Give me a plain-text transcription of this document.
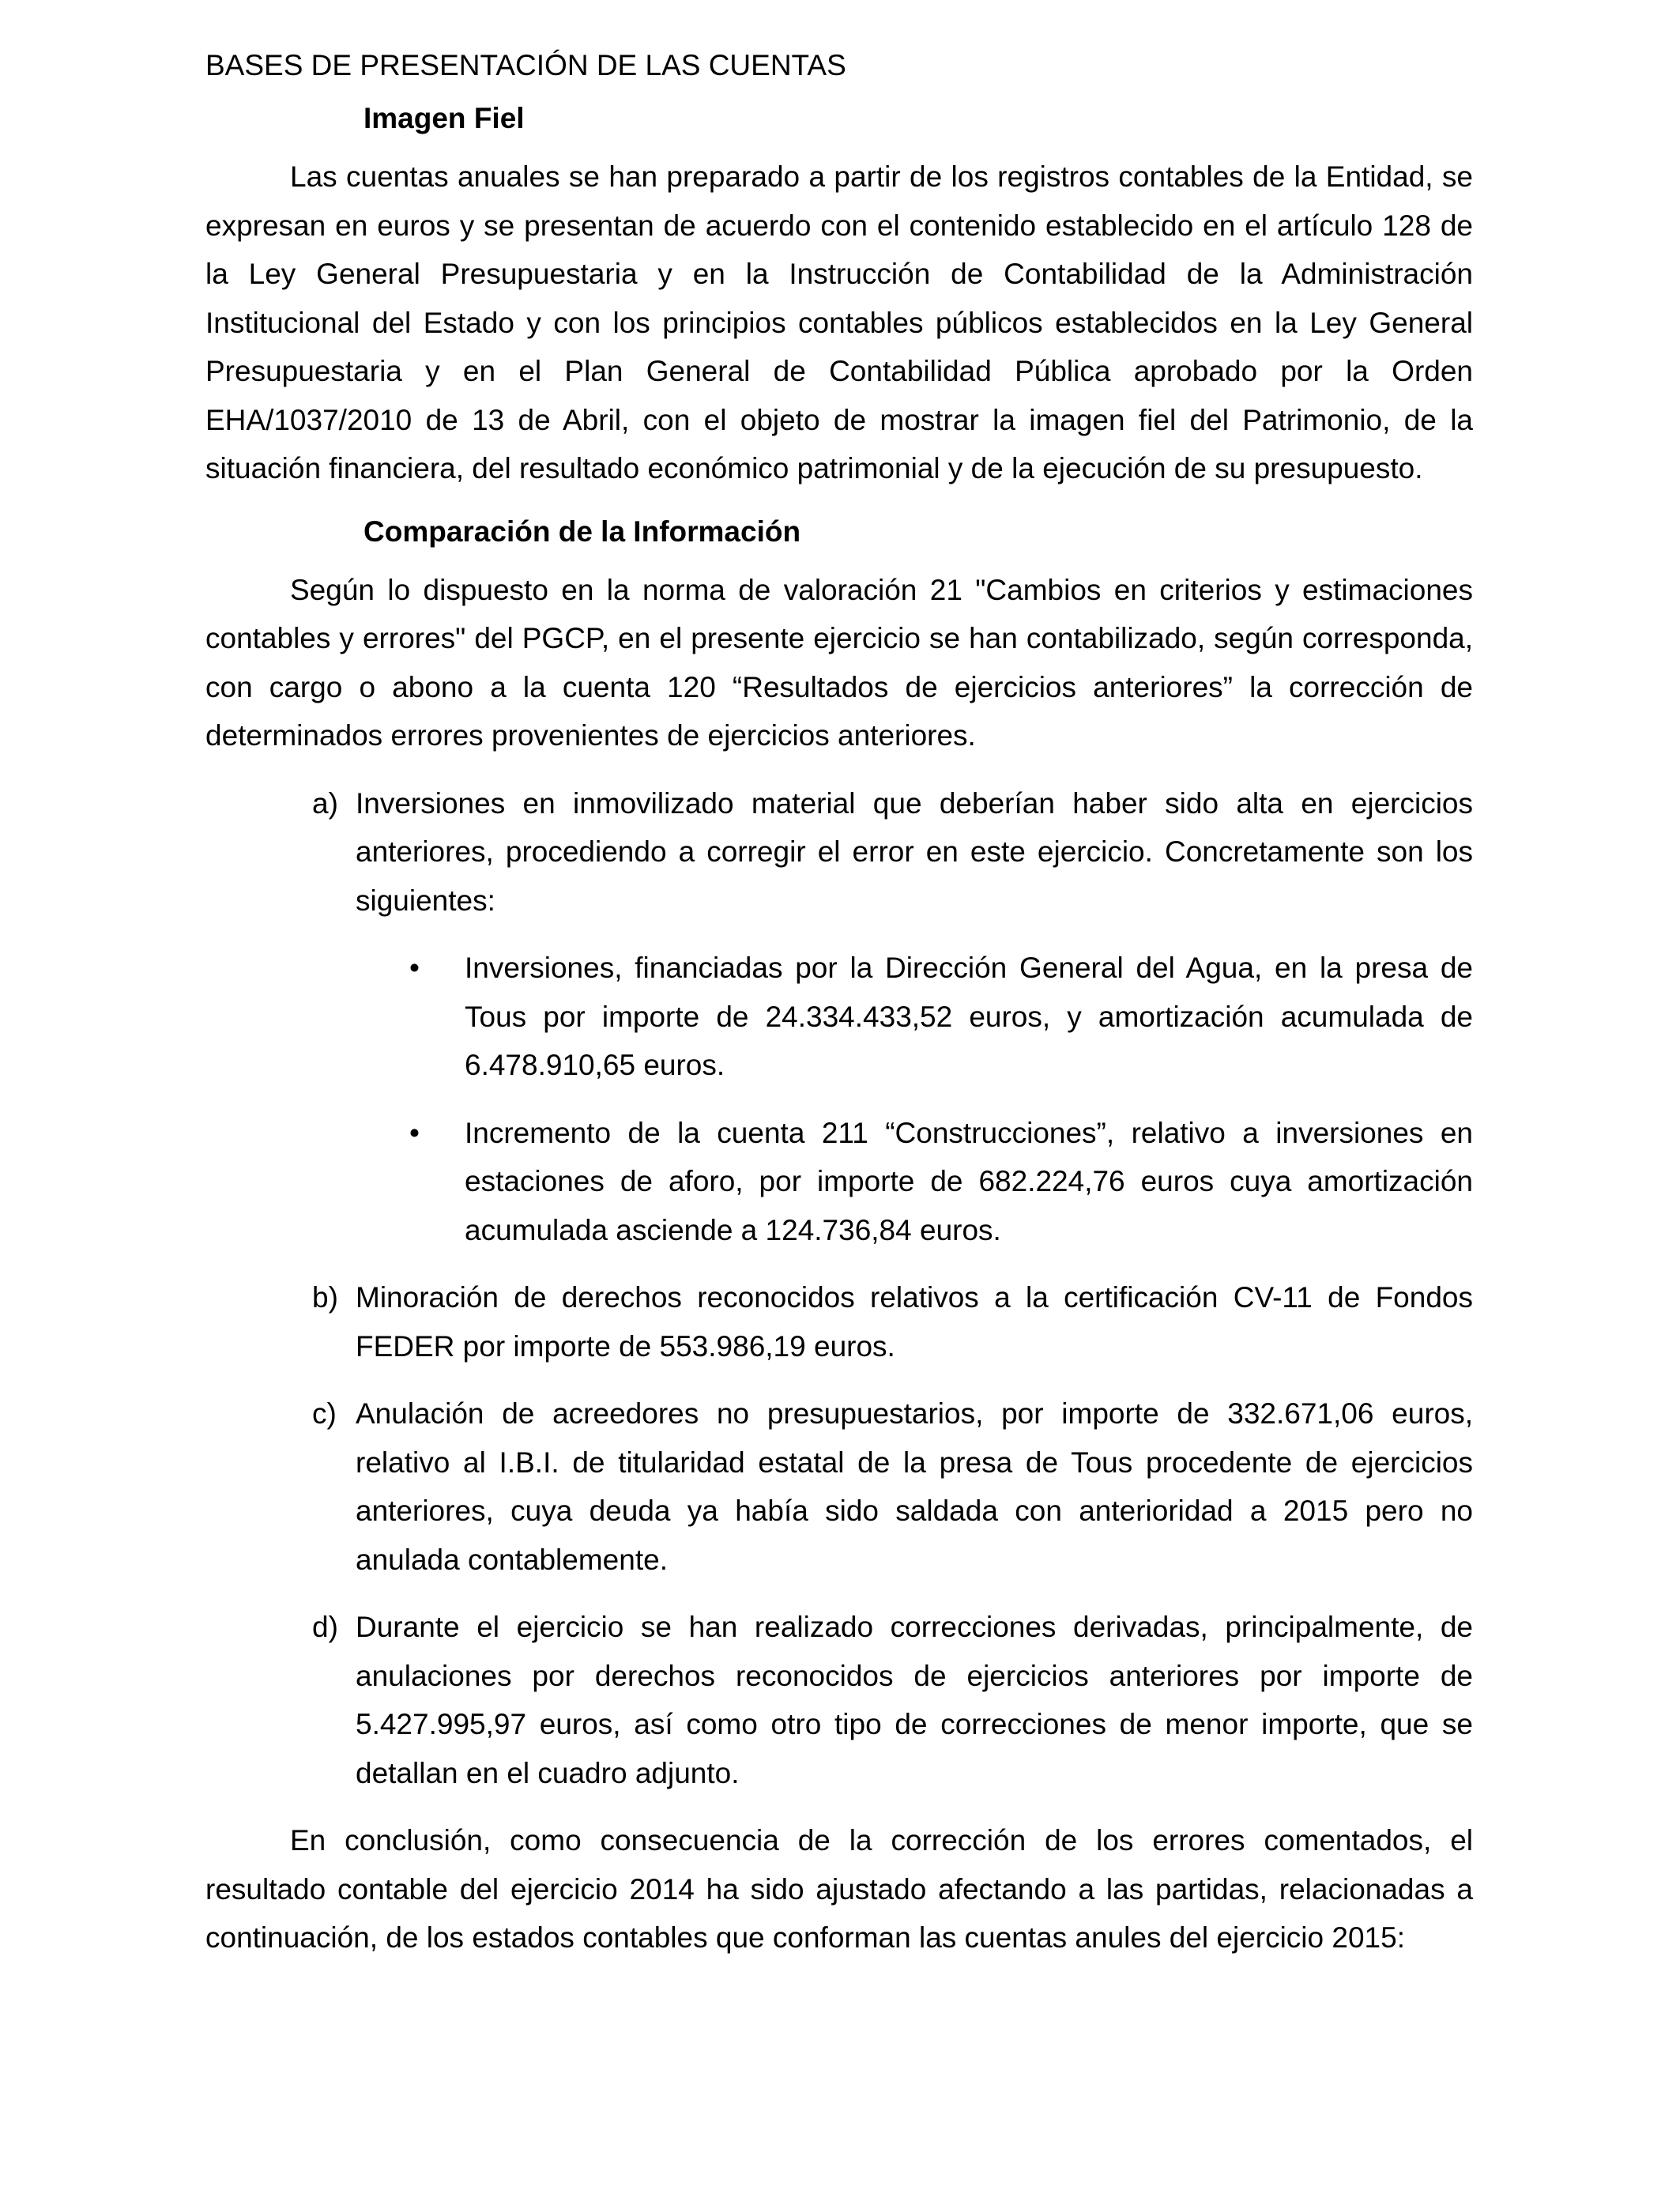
BASES DE PRESENTACIÓN DE LAS CUENTAS
Imagen Fiel

Las cuentas anuales se han preparado a partir de los registros contables de la Entidad, se expresan en euros y se presentan de acuerdo con el contenido establecido en el artículo 128 de la Ley General Presupuestaria y en la Instrucción de Contabilidad de la Administración Institucional del Estado y con los principios contables públicos establecidos en la Ley General Presupuestaria y en el Plan General de Contabilidad Pública aprobado por la Orden EHA/1037/2010 de 13 de Abril, con el objeto de mostrar la imagen fiel del Patrimonio, de la situación financiera, del resultado económico patrimonial y de la ejecución de su presupuesto.

Comparación de la Información

Según lo dispuesto en la norma de valoración 21 "Cambios en criterios y estimaciones contables y errores" del PGCP, en el presente ejercicio se han contabilizado, según corresponda, con cargo o abono a la cuenta 120 “Resultados de ejercicios anteriores” la corrección de determinados errores provenientes de ejercicios anteriores.

a) Inversiones en inmovilizado material que deberían haber sido alta en ejercicios anteriores, procediendo a corregir el error en este ejercicio. Concretamente son los siguientes:
• Inversiones, financiadas por la Dirección General del Agua, en la presa de Tous por importe de 24.334.433,52 euros, y amortización acumulada de 6.478.910,65 euros.
• Incremento de la cuenta 211 “Construcciones”, relativo a inversiones en estaciones de aforo, por importe de 682.224,76 euros cuya amortización acumulada asciende a 124.736,84 euros.
b) Minoración de derechos reconocidos relativos a la certificación CV-11 de Fondos FEDER por importe de 553.986,19 euros.
c) Anulación de acreedores no presupuestarios, por importe de 332.671,06 euros, relativo al I.B.I. de titularidad estatal de la presa de Tous procedente de ejercicios anteriores, cuya deuda ya había sido saldada con anterioridad a 2015 pero no anulada contablemente.
d) Durante el ejercicio se han realizado correcciones derivadas, principalmente, de anulaciones por derechos reconocidos de ejercicios anteriores por importe de 5.427.995,97 euros, así como otro tipo de correcciones de menor importe, que se detallan en el cuadro adjunto.

En conclusión, como consecuencia de la corrección de los errores comentados, el resultado contable del ejercicio 2014 ha sido ajustado afectando a las partidas, relacionadas a continuación, de los estados contables que conforman las cuentas anules del ejercicio 2015:
